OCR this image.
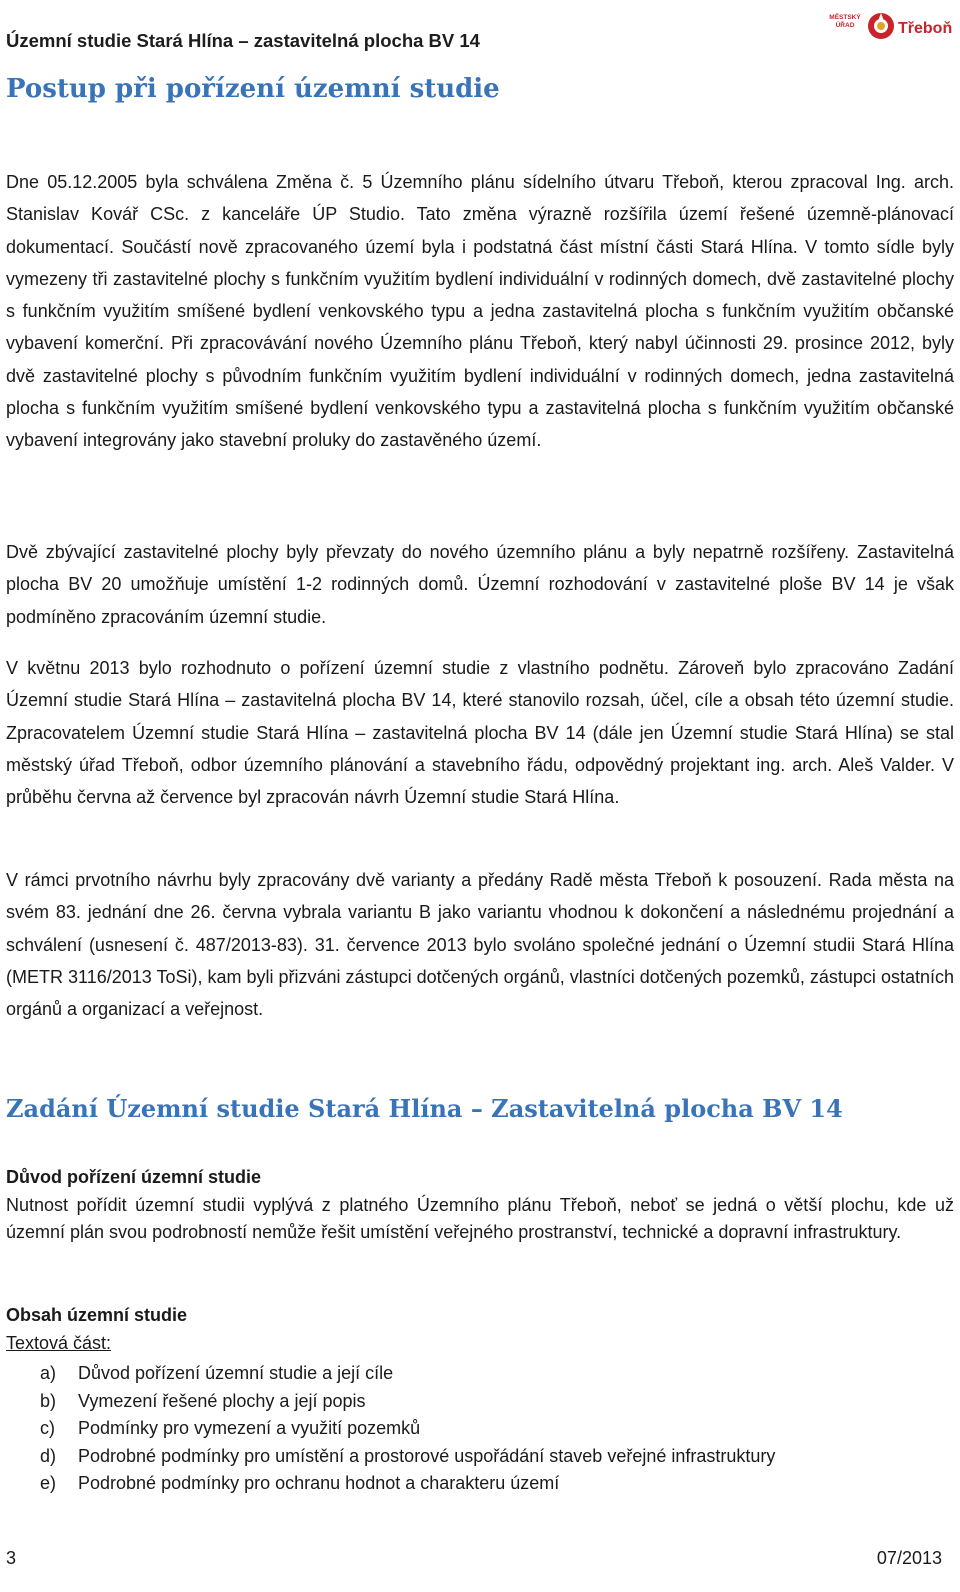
Územní studie Stará Hlína – zastavitelná plocha BV 14
MĚSTSKÝ
ÚŘAD	Třeboň
Postup při pořízení územní studie
Dne 05.12.2005 byla schválena Změna č. 5 Územního plánu sídelního útvaru Třeboň, kterou zpracoval Ing. arch. Stanislav Kovář CSc. z kanceláře ÚP Studio. Tato změna výrazně rozšířila území řešené územně-plánovací dokumentací. Součástí nově zpracovaného území byla i podstatná část místní části Stará Hlína. V tomto sídle byly vymezeny tři zastavitelné plochy s funkčním využitím bydlení individuální v rodinných domech, dvě zastavitelné plochy s funkčním využitím smíšené bydlení venkovského typu a jedna zastavitelná plocha s funkčním využitím občanské vybavení komerční. Při zpracovávání nového Územního plánu Třeboň, který nabyl účinnosti 29. prosince 2012, byly dvě zastavitelné plochy s původním funkčním využitím bydlení individuální v rodinných domech, jedna zastavitelná plocha s funkčním využitím smíšené bydlení venkovského typu a zastavitelná plocha s funkčním využitím občanské vybavení integrovány jako stavební proluky do zastavěného území.
Dvě zbývající zastavitelné plochy byly převzaty do nového územního plánu a byly nepatrně rozšířeny. Zastavitelná plocha BV 20 umožňuje umístění 1-2 rodinných domů. Územní rozhodování v zastavitelné ploše BV 14 je však podmíněno zpracováním územní studie.
V květnu 2013 bylo rozhodnuto o pořízení územní studie z vlastního podnětu. Zároveň bylo zpracováno Zadání Územní studie Stará Hlína – zastavitelná plocha BV 14, které stanovilo rozsah, účel, cíle a obsah této územní studie. Zpracovatelem Územní studie Stará Hlína – zastavitelná plocha BV 14 (dále jen Územní studie Stará Hlína) se stal městský úřad Třeboň, odbor územního plánování a stavebního řádu, odpovědný projektant ing. arch. Aleš Valder. V průběhu června až července byl zpracován návrh Územní studie Stará Hlína.
V rámci prvotního návrhu byly zpracovány dvě varianty a předány Radě města Třeboň k posouzení. Rada města na svém 83. jednání dne 26. června vybrala variantu B jako variantu vhodnou k dokončení a následnému projednání a schválení (usnesení č. 487/2013-83). 31. července 2013 bylo svoláno společné jednání o Územní studii Stará Hlína (METR 3116/2013 ToSi), kam byli přizváni zástupci dotčených orgánů, vlastníci dotčených pozemků, zástupci ostatních orgánů a organizací a veřejnost.
Zadání Územní studie Stará Hlína – Zastavitelná plocha BV 14
Důvod pořízení územní studie
Nutnost pořídit územní studii vyplývá z platného Územního plánu Třeboň, neboť se jedná o větší plochu, kde už územní plán svou podrobností nemůže řešit umístění veřejného prostranství, technické a dopravní infrastruktury.
Obsah územní studie
Textová část:
a)	Důvod pořízení územní studie a její cíle
b)	Vymezení řešené plochy a její popis
c)	Podmínky pro vymezení a využití pozemků
d)	Podrobné podmínky pro umístění a prostorové uspořádání staveb veřejné infrastruktury
e)	Podrobné podmínky pro ochranu hodnot a charakteru území
3	07/2013
